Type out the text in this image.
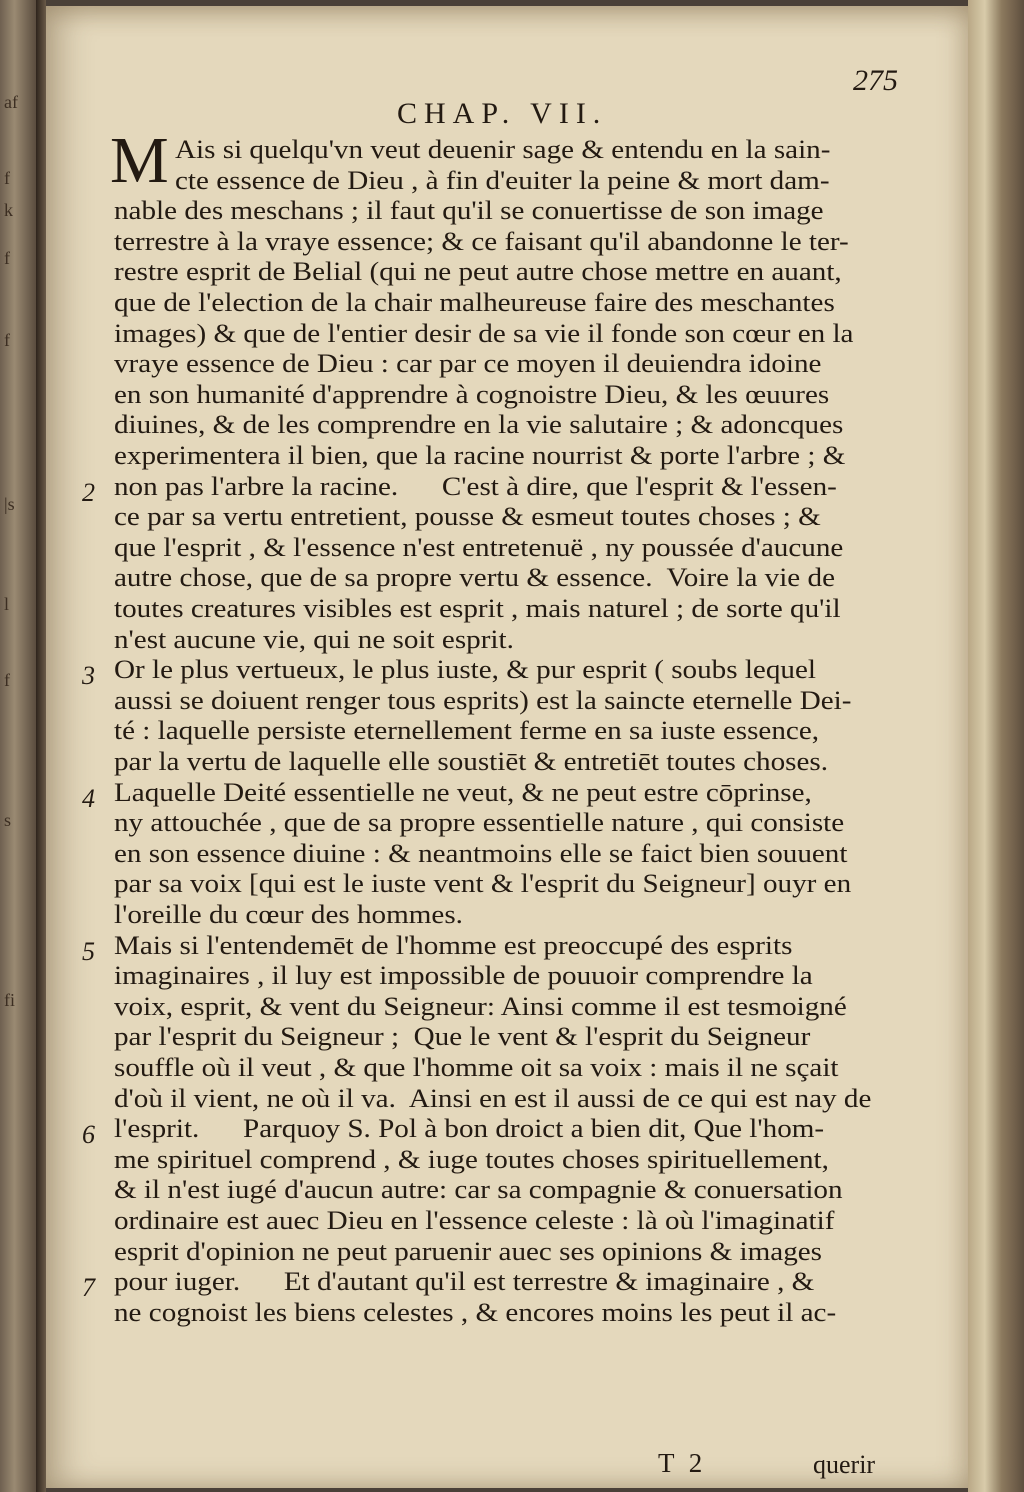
af
f
k
f
f
|s
l
f
s
fi
275
CHAP. VII.
M Ais si quelqu'vn veut deuenir sage & entendu en la sain-
cte essence de Dieu , à fin d'euiter la peine & mort dam-
nable des meschans ; il faut qu'il se conuertisse de son image
terrestre à la vraye essence; & ce faisant qu'il abandonne le ter-
restre esprit de Belial (qui ne peut autre chose mettre en auant,
que de l'election de la chair malheureuse faire des meschantes
images) & que de l'entier desir de sa vie il fonde son cœur en la
vraye essence de Dieu : car par ce moyen il deuiendra idoine
en son humanité d'apprendre à cognoistre Dieu, & les œuures
diuines, & de les comprendre en la vie salutaire ; & adoncques
experimentera il bien, que la racine nourrist & porte l'arbre ; &
non pas l'arbre la racine.      C'est à dire, que l'esprit & l'essen-
ce par sa vertu entretient, pousse & esmeut toutes choses ; &
que l'esprit , & l'essence n'est entretenuë , ny poussée d'aucune
autre chose, que de sa propre vertu & essence.  Voire la vie de
toutes creatures visibles est esprit , mais naturel ; de sorte qu'il
n'est aucune vie, qui ne soit esprit.
Or le plus vertueux, le plus iuste, & pur esprit ( soubs lequel
aussi se doiuent renger tous esprits) est la saincte eternelle Dei-
té : laquelle persiste eternellement ferme en sa iuste essence,
par la vertu de laquelle elle soustiēt & entretiēt toutes choses.
Laquelle Deité essentielle ne veut, & ne peut estre cōprinse,
ny attouchée , que de sa propre essentielle nature , qui consiste
en son essence diuine : & neantmoins elle se faict bien souuent
par sa voix [qui est le iuste vent & l'esprit du Seigneur] ouyr en
l'oreille du cœur des hommes.
Mais si l'entendemēt de l'homme est preoccupé des esprits
imaginaires , il luy est impossible de pouuoir comprendre la
voix, esprit, & vent du Seigneur: Ainsi comme il est tesmoigné
par l'esprit du Seigneur ;  Que le vent & l'esprit du Seigneur
souffle où il veut , & que l'homme oit sa voix : mais il ne sçait
d'où il vient, ne où il va.  Ainsi en est il aussi de ce qui est nay de
l'esprit.      Parquoy S. Pol à bon droict a bien dit, Que l'hom-
me spirituel comprend , & iuge toutes choses spirituellement,
& il n'est iugé d'aucun autre: car sa compagnie & conuersation
ordinaire est auec Dieu en l'essence celeste : là où l'imaginatif
esprit d'opinion ne peut paruenir auec ses opinions & images
pour iuger.      Et d'autant qu'il est terrestre & imaginaire , &
ne cognoist les biens celestes , & encores moins les peut il ac-
2
3
4
5
6
7
T 2	querir
